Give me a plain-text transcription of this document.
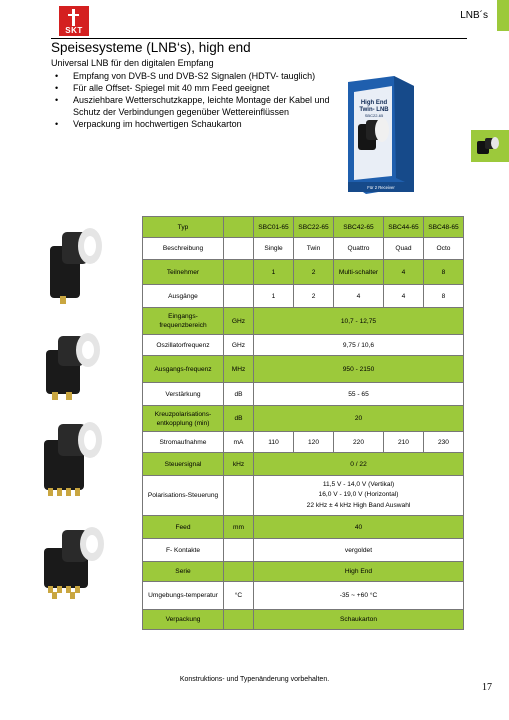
SKT
LNB´s
Speisesysteme (LNB‘s), high end
Universal LNB für den digitalen Empfang
• Empfang von DVB-S und DVB-S2 Signalen (HDTV- tauglich)
• Für alle Offset- Spiegel mit 40 mm Feed geeignet
• Ausziehbare Wetterschutzkappe, leichte Montage der Kabel und Schutz der Verbindungen gegenüber Wettereinflüssen
• Verpackung im hochwertigen Schaukarton
High End
Twin- LNB
SBC22-65
Für 2 Receiver
Typ		SBC01-65	SBC22-65	SBC42-65	SBC44-65	SBC48-65
Beschreibung		Single	Twin	Quattro	Quad	Octo
Teilnehmer		1	2	Multi-schalter	4	8
Ausgänge		1	2	4	4	8
Eingangs-frequenzbereich	GHz	10,7 - 12,75				
Oszillatorfrequenz	GHz	9,75 / 10,6				
Ausgangs-frequenz	MHz	950 - 2150				
Verstärkung	dB	55 - 65				
Kreuzpolarisations-entkopplung (min)	dB	20				
Stromaufnahme	mA	110	120	220	210	230
Steuersignal	kHz	0 / 22				
Polarisations-Steuerung		11,5 V - 14,0 V (Vertikal)
16,0 V - 19,0 V (Horizontal)
22 kHz ± 4 kHz High Band Auswahl				

Feed	mm	40				
F- Kontakte		vergoldet				
Serie		High End				
Umgebungs-temperatur	°C	-35 ~ +60 °C				
Verpackung		Schaukarton				
Konstruktions- und Typenänderung vorbehalten.
17
